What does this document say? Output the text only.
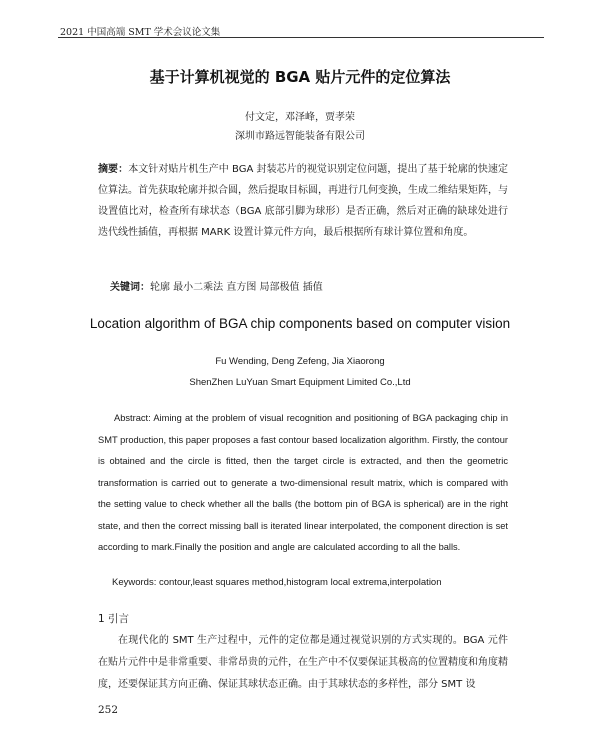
2021 中国高端 SMT 学术会议论文集
基于计算机视觉的 BGA 贴片元件的定位算法
付文定，邓泽峰，贾孝荣
深圳市路远智能装备有限公司
摘要：本文针对贴片机生产中 BGA 封装芯片的视觉识别定位问题，提出了基于轮廓的快速定位算法。首先获取轮廓并拟合圆，然后提取目标圆，再进行几何变换，生成二维结果矩阵，与设置值比对，检查所有球状态（BGA 底部引脚为球形）是否正确，然后对正确的缺球处进行迭代线性插值，再根据 MARK 设置计算元件方向，最后根据所有球计算位置和角度。
关键词：轮廓 最小二乘法 直方图 局部极值 插值
Location algorithm of BGA chip components based on computer vision
Fu Wending, Deng Zefeng, Jia Xiaorong
ShenZhen LuYuan Smart Equipment Limited Co.,Ltd
Abstract: Aiming at the problem of visual recognition and positioning of BGA packaging chip in SMT production, this paper proposes a fast contour based localization algorithm. Firstly, the contour is obtained and the circle is fitted, then the target circle is extracted, and then the geometric transformation is carried out to generate a two-dimensional result matrix, which is compared with the setting value to check whether all the balls (the bottom pin of BGA is spherical) are in the right state, and then the correct missing ball is iterated linear interpolated, the component direction is set according to mark.Finally the position and angle are calculated according to all the balls.
Keywords: contour,least squares method,histogram local extrema,interpolation
1 引言
在现代化的 SMT 生产过程中，元件的定位都是通过视觉识别的方式实现的。BGA 元件在贴片元件中是非常重要、非常昂贵的元件，在生产中不仅要保证其极高的位置精度和角度精度，还要保证其方向正确、保证其球状态正确。由于其球状态的多样性，部分 SMT 设
252
